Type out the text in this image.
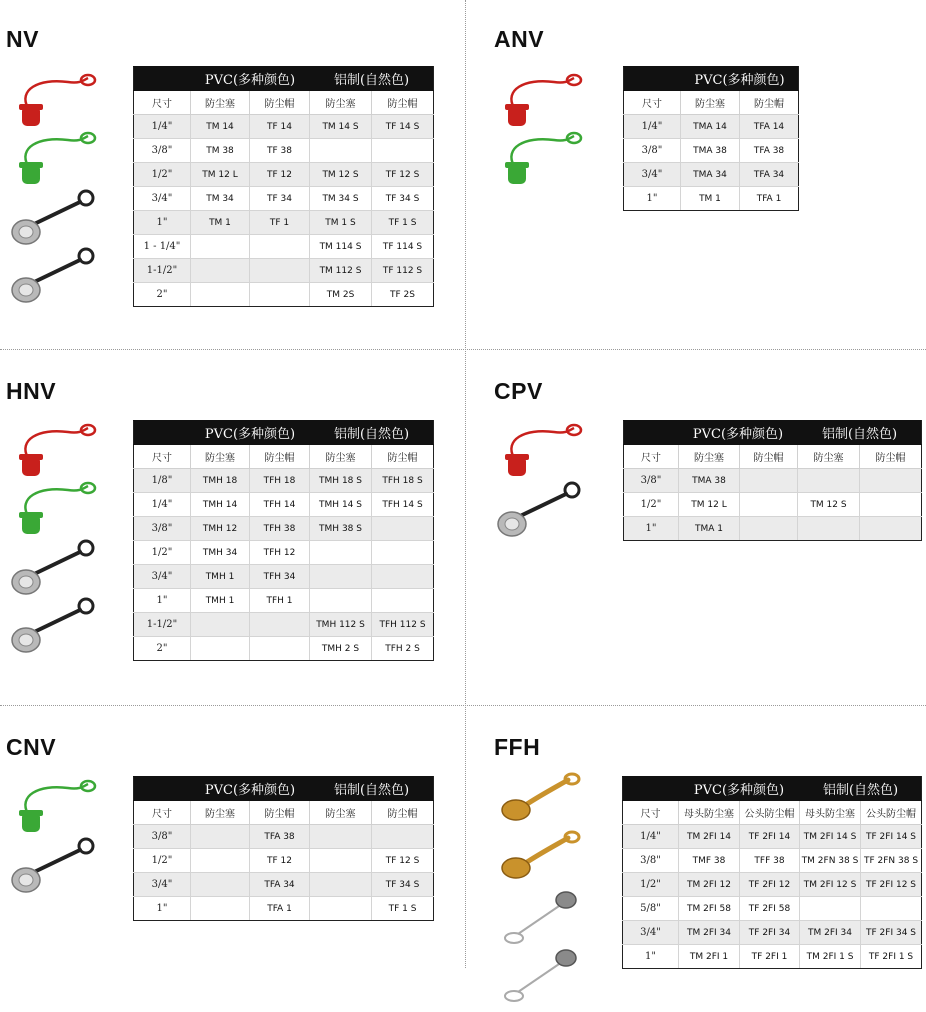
NV
	PVC(多种颜色)		铝制(自然色)	
尺寸	防尘塞	防尘帽	防尘塞	防尘帽
1/4"	TM 14	TF 14	TM 14 S	TF 14 S
3/8"	TM 38	TF 38		
1/2"	TM 12 L	TF 12	TM 12 S	TF 12 S
3/4"	TM 34	TF 34	TM 34 S	TF 34 S
1"	TM 1	TF 1	TM 1 S	TF 1 S
1 - 1/4"			TM 114 S	TF 114 S
1-1/2"			TM 112 S	TF 112 S
2"			TM 2S	TF 2S
ANV
	PVC(多种颜色)	
尺寸	防尘塞	防尘帽
1/4"	TMA 14	TFA 14
3/8"	TMA 38	TFA 38
3/4"	TMA 34	TFA 34
1"	TM 1	TFA 1
HNV
	PVC(多种颜色)		铝制(自然色)	
尺寸	防尘塞	防尘帽	防尘塞	防尘帽
1/8"	TMH 18	TFH 18	TMH 18 S	TFH 18 S
1/4"	TMH 14	TFH 14	TMH 14 S	TFH 14 S
3/8"	TMH 12	TFH 38	TMH 38 S	
1/2"	TMH 34	TFH 12		
3/4"	TMH 1	TFH 34		
1"	TMH 1	TFH 1		
1-1/2"			TMH 112 S	TFH 112 S
2"			TMH 2 S	TFH 2 S
CPV
	PVC(多种颜色)		铝制(自然色)	
尺寸	防尘塞	防尘帽	防尘塞	防尘帽
3/8"	TMA 38			
1/2"	TM 12 L		TM 12 S	
1"	TMA 1			
CNV
	PVC(多种颜色)		铝制(自然色)	
尺寸	防尘塞	防尘帽	防尘塞	防尘帽
3/8"		TFA 38		
1/2"		TF 12		TF 12 S
3/4"		TFA 34		TF 34 S
1"		TFA 1		TF 1 S
FFH
	PVC(多种颜色)		铝制(自然色)	
尺寸	母头防尘塞	公头防尘帽	母头防尘塞	公头防尘帽
1/4"	TM 2FI 14	TF 2FI 14	TM 2FI 14 S	TF 2FI 14 S
3/8"	TMF 38	TFF 38	TM 2FN 38 S	TF 2FN 38 S
1/2"	TM 2FI 12	TF 2FI 12	TM 2FI 12 S	TF 2FI 12 S
5/8"	TM 2FI 58	TF 2FI 58		
3/4"	TM 2FI 34	TF 2FI 34	TM 2FI 34	TF 2FI 34 S
1"	TM 2FI 1	TF 2FI 1	TM 2FI 1 S	TF 2FI 1 S
